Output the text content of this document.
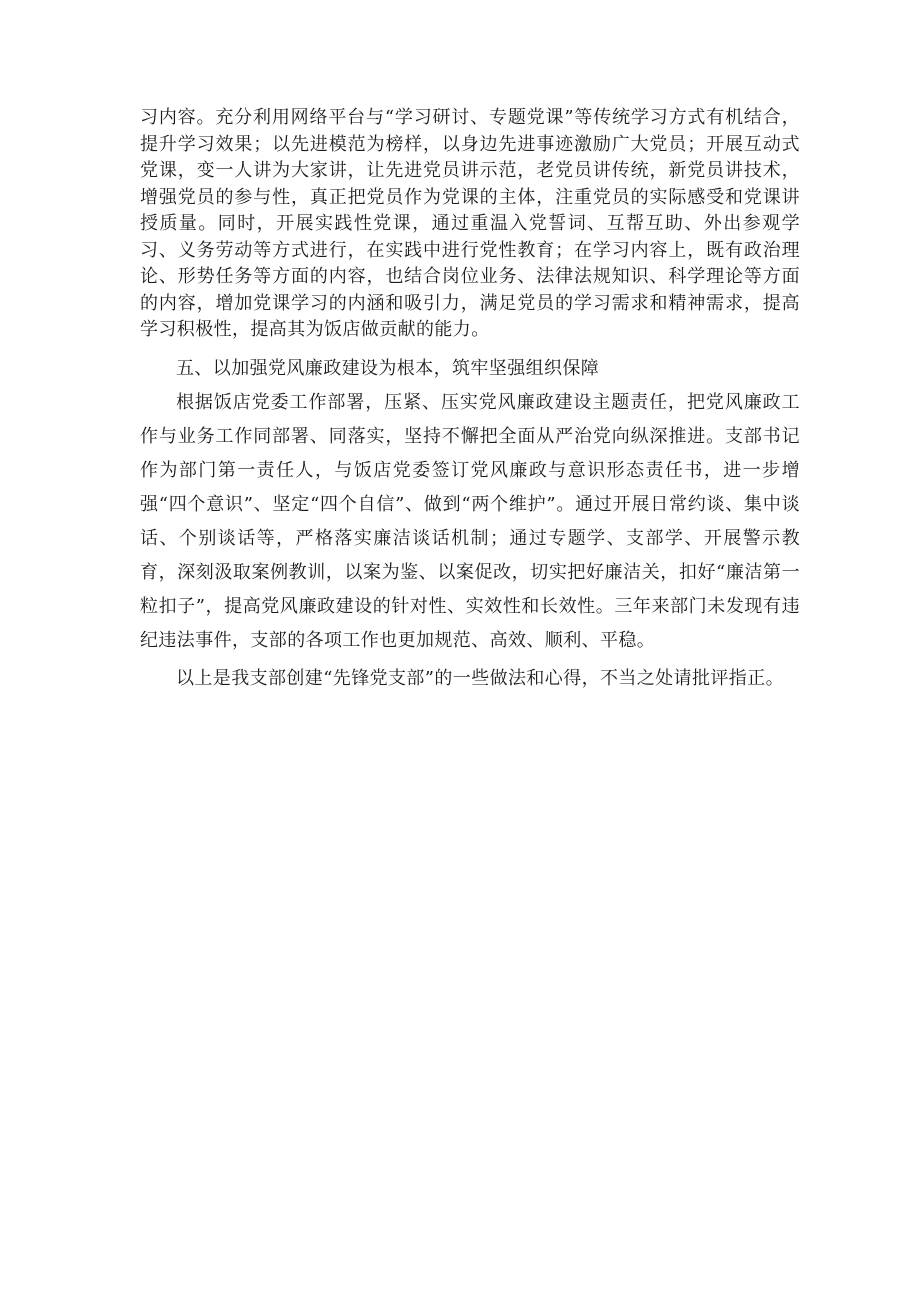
习内容。充分利用网络平台与“学习研讨、专题党课”等传统学习方式有机结合，提升学习效果；以先进模范为榜样，以身边先进事迹激励广大党员；开展互动式党课，变一人讲为大家讲，让先进党员讲示范，老党员讲传统，新党员讲技术，增强党员的参与性，真正把党员作为党课的主体，注重党员的实际感受和党课讲授质量。同时，开展实践性党课，通过重温入党誓词、互帮互助、外出参观学习、义务劳动等方式进行，在实践中进行党性教育；在学习内容上，既有政治理论、形势任务等方面的内容，也结合岗位业务、法律法规知识、科学理论等方面的内容，增加党课学习的内涵和吸引力，满足党员的学习需求和精神需求，提高学习积极性，提高其为饭店做贡献的能力。

五、以加强党风廉政建设为根本，筑牢坚强组织保障

根据饭店党委工作部署，压紧、压实党风廉政建设主题责任，把党风廉政工作与业务工作同部署、同落实，坚持不懈把全面从严治党向纵深推进。支部书记作为部门第一责任人，与饭店党委签订党风廉政与意识形态责任书，进一步增强“四个意识”、坚定“四个自信”、做到“两个维护”。通过开展日常约谈、集中谈话、个别谈话等，严格落实廉洁谈话机制；通过专题学、支部学、开展警示教育，深刻汲取案例教训，以案为鉴、以案促改，切实把好廉洁关，扣好“廉洁第一粒扣子”，提高党风廉政建设的针对性、实效性和长效性。三年来部门未发现有违纪违法事件，支部的各项工作也更加规范、高效、顺利、平稳。

以上是我支部创建“先锋党支部”的一些做法和心得，不当之处请批评指正。
